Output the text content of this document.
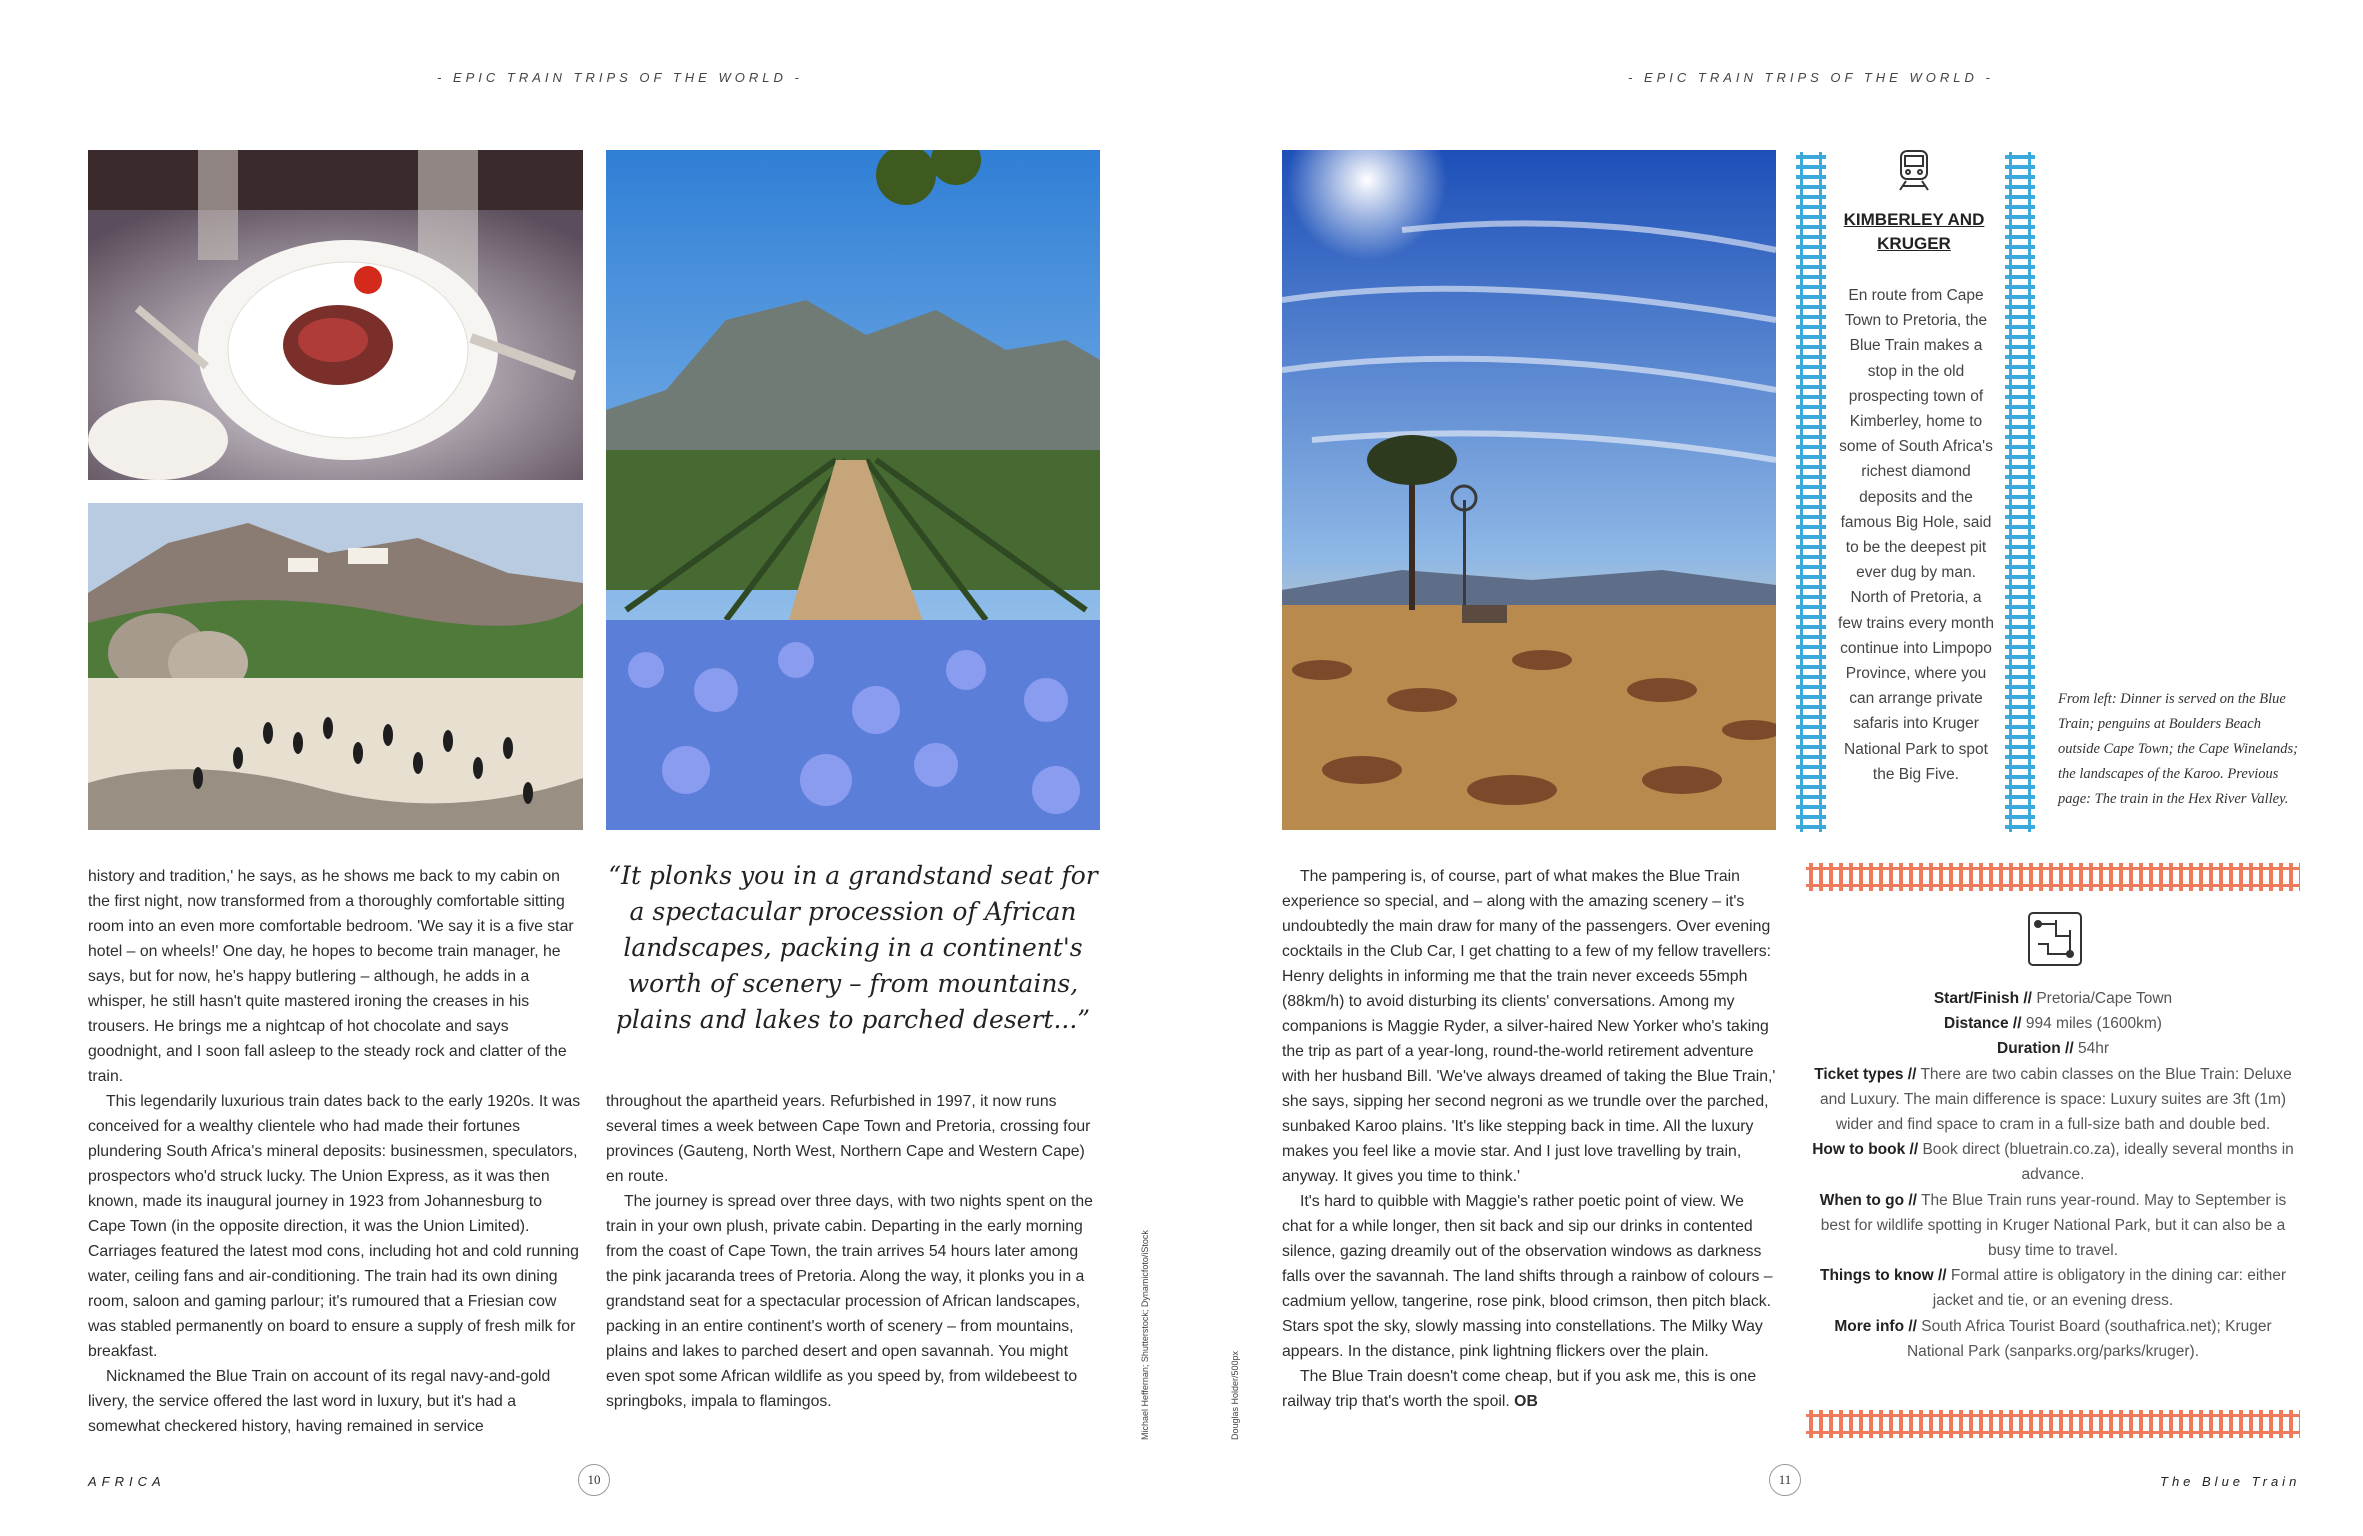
- EPIC TRAIN TRIPS OF THE WORLD -	- EPIC TRAIN TRIPS OF THE WORLD -

history and tradition,' he says, as he shows me back to my cabin on the first night, now transformed from a thoroughly comfortable sitting room into an even more comfortable bedroom. 'We say it is a five star hotel – on wheels!' One day, he hopes to become train manager, he says, but for now, he's happy butlering – although, he adds in a whisper, he still hasn't quite mastered ironing the creases in his trousers. He brings me a nightcap of hot chocolate and says goodnight, and I soon fall asleep to the steady rock and clatter of the train.

This legendarily luxurious train dates back to the early 1920s. It was conceived for a wealthy clientele who had made their fortunes plundering South Africa's mineral deposits: businessmen, speculators, prospectors who'd struck lucky. The Union Express, as it was then known, made its inaugural journey in 1923 from Johannesburg to Cape Town (in the opposite direction, it was the Union Limited). Carriages featured the latest mod cons, including hot and cold running water, ceiling fans and air-conditioning. The train had its own dining room, saloon and gaming parlour; it's rumoured that a Friesian cow was stabled permanently on board to ensure a supply of fresh milk for breakfast.

Nicknamed the Blue Train on account of its regal navy-and-gold livery, the service offered the last word in luxury, but it's had a somewhat checkered history, having remained in service

“It plonks you in a grandstand seat for a spectacular procession of African landscapes, packing in a continent's worth of scenery – from mountains, plains and lakes to parched desert...”

throughout the apartheid years. Refurbished in 1997, it now runs several times a week between Cape Town and Pretoria, crossing four provinces (Gauteng, North West, Northern Cape and Western Cape) en route.

The journey is spread over three days, with two nights spent on the train in your own plush, private cabin. Departing in the early morning from the coast of Cape Town, the train arrives 54 hours later among the pink jacaranda trees of Pretoria. Along the way, it plonks you in a grandstand seat for a spectacular procession of African landscapes, packing in an entire continent's worth of scenery – from mountains, plains and lakes to parched desert and open savannah. You might even spot some African wildlife as you speed by, from wildebeest to springboks, impala to flamingos.	Michael Heffernan; Shutterstock; Dynamicfoto/iStock	Douglas Holder/500px

The pampering is, of course, part of what makes the Blue Train experience so special, and – along with the amazing scenery – it's undoubtedly the main draw for many of the passengers. Over evening cocktails in the Club Car, I get chatting to a few of my fellow travellers: Henry delights in informing me that the train never exceeds 55mph (88km/h) to avoid disturbing its clients' conversations. Among my companions is Maggie Ryder, a silver-haired New Yorker who's taking the trip as part of a year-long, round-the-world retirement adventure with her husband Bill. 'We've always dreamed of taking the Blue Train,' she says, sipping her second negroni as we trundle over the parched, sunbaked Karoo plains. 'It's like stepping back in time. All the luxury makes you feel like a movie star. And I just love travelling by train, anyway. It gives you time to think.'

It's hard to quibble with Maggie's rather poetic point of view. We chat for a while longer, then sit back and sip our drinks in contented silence, gazing dreamily out of the observation windows as darkness falls over the savannah. The land shifts through a rainbow of colours – cadmium yellow, tangerine, rose pink, blood crimson, then pitch black. Stars spot the sky, slowly massing into constellations. The Milky Way appears. In the distance, pink lightning flickers over the plain.

The Blue Train doesn't come cheap, but if you ask me, this is one railway trip that's worth the spoil. OB

KIMBERLEY AND KRUGER
En route from Cape Town to Pretoria, the Blue Train makes a stop in the old prospecting town of Kimberley, home to some of South Africa's richest diamond deposits and the famous Big Hole, said to be the deepest pit ever dug by man. North of Pretoria, a few trains every month continue into Limpopo Province, where you can arrange private safaris into Kruger National Park to spot the Big Five.
From left: Dinner is served on the Blue Train; penguins at Boulders Beach outside Cape Town; the Cape Winelands; the landscapes of the Karoo. Previous page: The train in the Hex River Valley.
Start/Finish // Pretoria/Cape Town
Distance // 994 miles (1600km)
Duration // 54hr
Ticket types // There are two cabin classes on the Blue Train: Deluxe and Luxury. The main difference is space: Luxury suites are 3ft (1m) wider and find space to cram in a full-size bath and double bed.
How to book // Book direct (bluetrain.co.za), ideally several months in advance.
When to go // The Blue Train runs year-round. May to September is best for wildlife spotting in Kruger National Park, but it can also be a busy time to travel.
Things to know // Formal attire is obligatory in the dining car: either jacket and tie, or an evening dress.
More info // South Africa Tourist Board (southafrica.net); Kruger National Park (sanparks.org/parks/kruger).
AFRICA	10	11	The Blue Train
